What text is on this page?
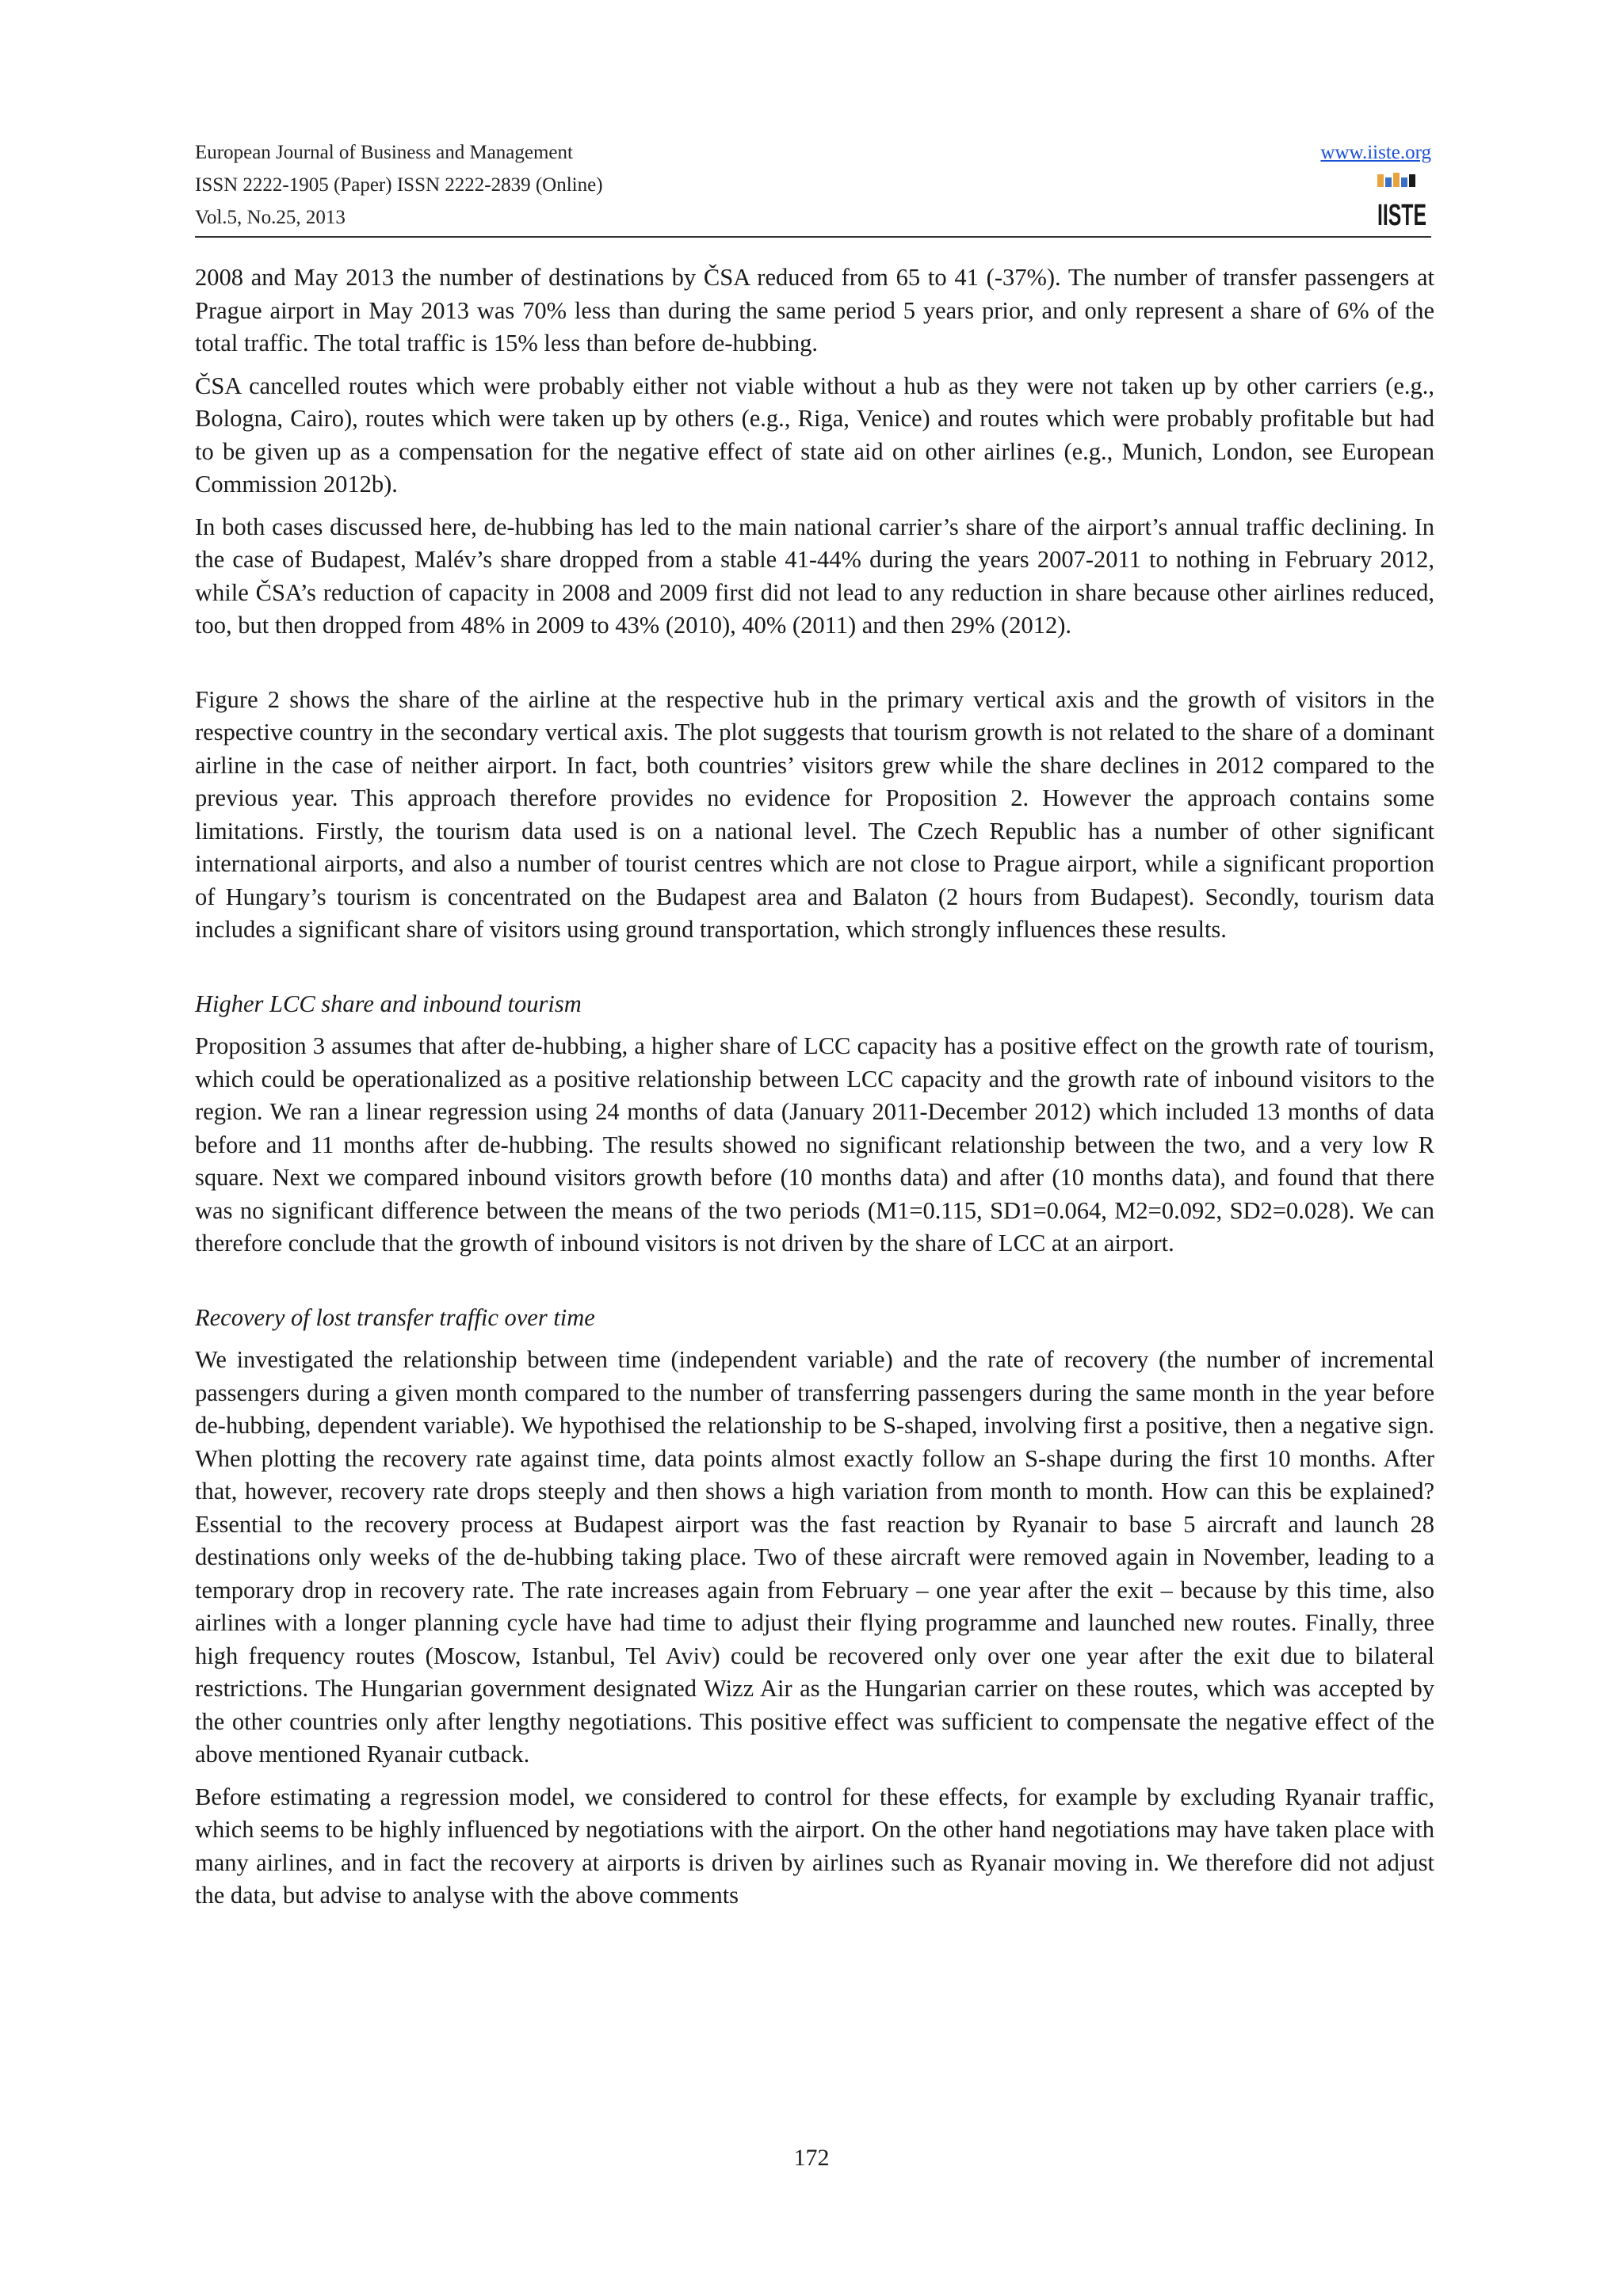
European Journal of Business and Management
ISSN 2222-1905 (Paper) ISSN 2222-2839 (Online)
Vol.5, No.25, 2013
www.iiste.org
IISTE

2008 and May 2013 the number of destinations by ČSA reduced from 65 to 41 (-37%). The number of transfer passengers at Prague airport in May 2013 was 70% less than during the same period 5 years prior, and only represent a share of 6% of the total traffic. The total traffic is 15% less than before de-hubbing.

ČSA cancelled routes which were probably either not viable without a hub as they were not taken up by other carriers (e.g., Bologna, Cairo), routes which were taken up by others (e.g., Riga, Venice) and routes which were probably profitable but had to be given up as a compensation for the negative effect of state aid on other airlines (e.g., Munich, London, see European Commission 2012b).

In both cases discussed here, de-hubbing has led to the main national carrier’s share of the airport’s annual traffic declining. In the case of Budapest, Malév’s share dropped from a stable 41-44% during the years 2007-2011 to nothing in February 2012, while ČSA’s reduction of capacity in 2008 and 2009 first did not lead to any reduction in share because other airlines reduced, too, but then dropped from 48% in 2009 to 43% (2010), 40% (2011) and then 29% (2012).

Figure 2 shows the share of the airline at the respective hub in the primary vertical axis and the growth of visitors in the respective country in the secondary vertical axis. The plot suggests that tourism growth is not related to the share of a dominant airline in the case of neither airport. In fact, both countries’ visitors grew while the share declines in 2012 compared to the previous year. This approach therefore provides no evidence for Proposition 2. However the approach contains some limitations. Firstly, the tourism data used is on a national level. The Czech Republic has a number of other significant international airports, and also a number of tourist centres which are not close to Prague airport, while a significant proportion of Hungary’s tourism is concentrated on the Budapest area and Balaton (2 hours from Budapest). Secondly, tourism data includes a significant share of visitors using ground transportation, which strongly influences these results.

Higher LCC share and inbound tourism

Proposition 3 assumes that after de-hubbing, a higher share of LCC capacity has a positive effect on the growth rate of tourism, which could be operationalized as a positive relationship between LCC capacity and the growth rate of inbound visitors to the region. We ran a linear regression using 24 months of data (January 2011-December 2012) which included 13 months of data before and 11 months after de-hubbing. The results showed no significant relationship between the two, and a very low R square. Next we compared inbound visitors growth before (10 months data) and after (10 months data), and found that there was no significant difference between the means of the two periods (M1=0.115, SD1=0.064, M2=0.092, SD2=0.028). We can therefore conclude that the growth of inbound visitors is not driven by the share of LCC at an airport.

Recovery of lost transfer traffic over time

We investigated the relationship between time (independent variable) and the rate of recovery (the number of incremental passengers during a given month compared to the number of transferring passengers during the same month in the year before de-hubbing, dependent variable). We hypothised the relationship to be S-shaped, involving first a positive, then a negative sign. When plotting the recovery rate against time, data points almost exactly follow an S-shape during the first 10 months. After that, however, recovery rate drops steeply and then shows a high variation from month to month. How can this be explained? Essential to the recovery process at Budapest airport was the fast reaction by Ryanair to base 5 aircraft and launch 28 destinations only weeks of the de-hubbing taking place. Two of these aircraft were removed again in November, leading to a temporary drop in recovery rate. The rate increases again from February – one year after the exit – because by this time, also airlines with a longer planning cycle have had time to adjust their flying programme and launched new routes. Finally, three high frequency routes (Moscow, Istanbul, Tel Aviv) could be recovered only over one year after the exit due to bilateral restrictions. The Hungarian government designated Wizz Air as the Hungarian carrier on these routes, which was accepted by the other countries only after lengthy negotiations. This positive effect was sufficient to compensate the negative effect of the above mentioned Ryanair cutback.

Before estimating a regression model, we considered to control for these effects, for example by excluding Ryanair traffic, which seems to be highly influenced by negotiations with the airport. On the other hand negotiations may have taken place with many airlines, and in fact the recovery at airports is driven by airlines such as Ryanair moving in. We therefore did not adjust the data, but advise to analyse with the above comments

172
